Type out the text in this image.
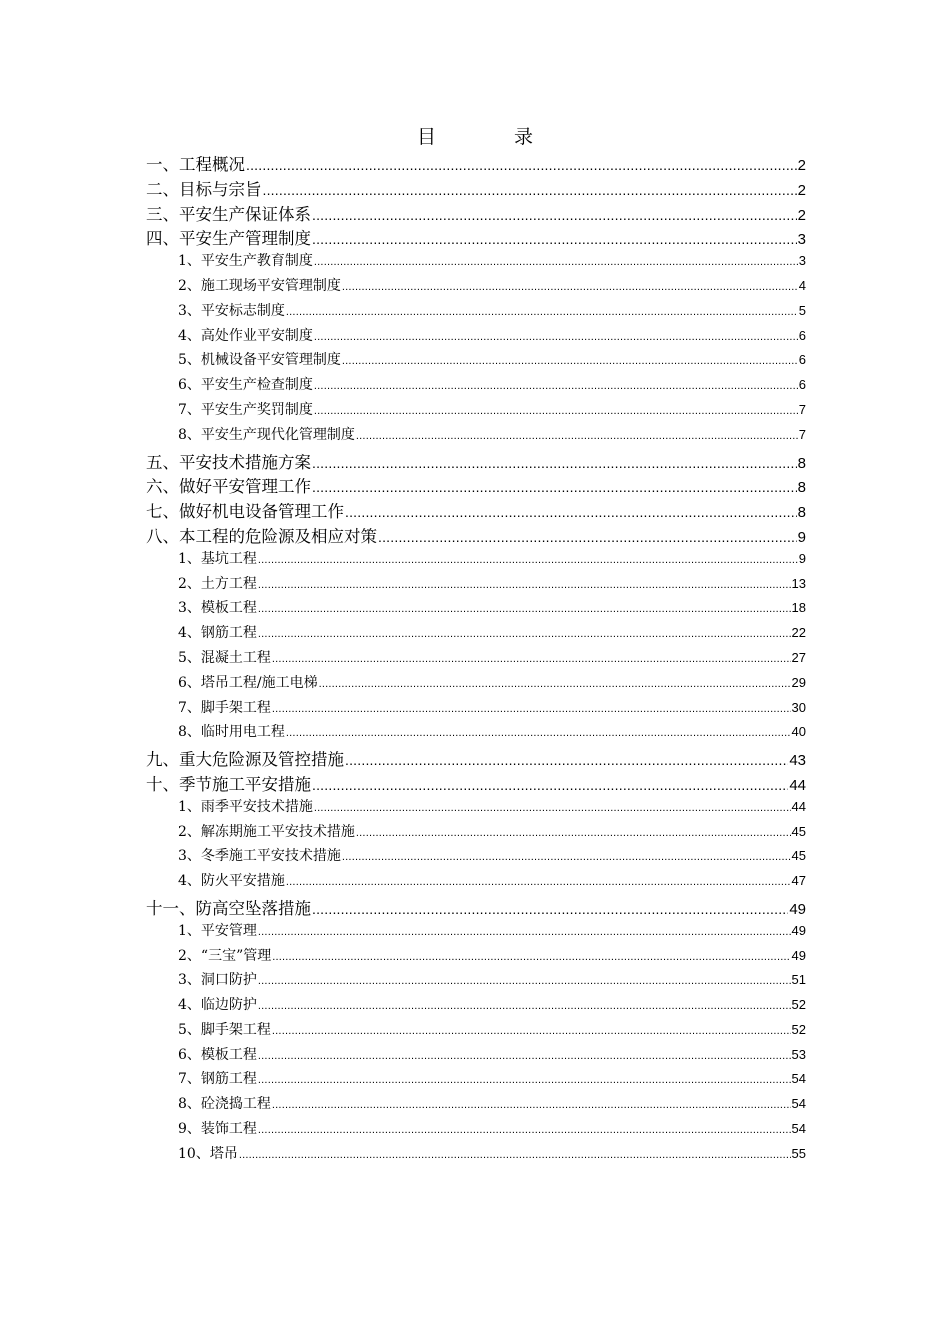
目	录
一、工程概况 .....	2
二、目标与宗旨 .....	2
三、平安生产保证体系 .....	2
四、平安生产管理制度 .....	3
1、平安生产教育制度 .....	3
2、施工现场平安管理制度 .....	4
3、平安标志制度 .....	5
4、高处作业平安制度 .....	6
5、机械设备平安管理制度 .....	6
6、平安生产检查制度 .....	6
7、平安生产奖罚制度 .....	7
8、平安生产现代化管理制度 .....	7
五、平安技术措施方案 .....	8
六、做好平安管理工作 .....	8
七、做好机电设备管理工作 .....	8
八、本工程的危险源及相应对策 .....	9
1、基坑工程 .....	9
2、土方工程 .....	13
3、模板工程 .....	18
4、钢筋工程 .....	22
5、混凝土工程 .....	27
6、塔吊工程/施工电梯 .....	29
7、脚手架工程 .....	30
8、临时用电工程 .....	40
九、重大危险源及管控措施 .....	43
十、季节施工平安措施 .....	44
1、雨季平安技术措施 .....	44
2、解冻期施工平安技术措施 .....	45
3、冬季施工平安技术措施 .....	45
4、防火平安措施 .....	47
十一、防高空坠落措施 .....	49
1、平安管理 .....	49
2、“三宝”管理 .....	49
3、洞口防护 .....	51
4、临边防护 .....	52
5、脚手架工程 .....	52
6、模板工程 .....	53
7、钢筋工程 .....	54
8、砼浇捣工程 .....	54
9、装饰工程 .....	54
10、塔吊 .....	55
